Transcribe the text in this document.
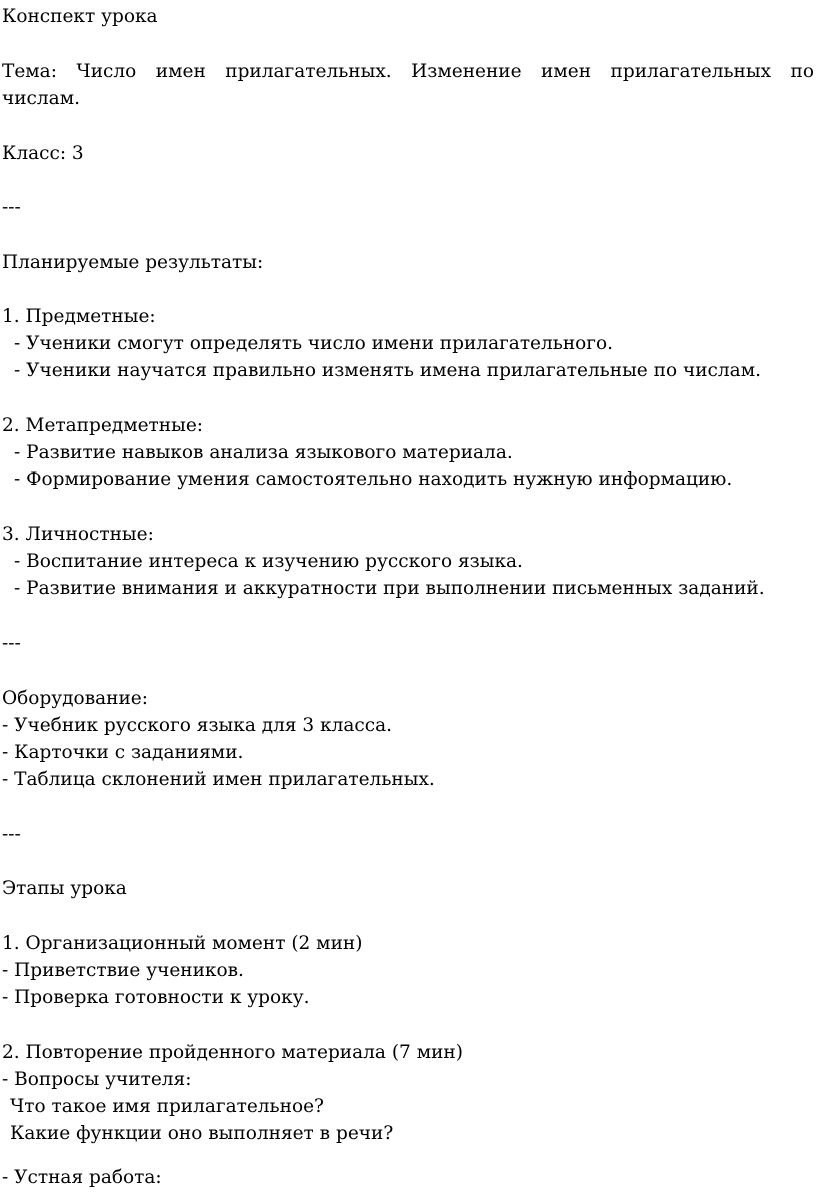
Конспект урока
Тема: Число имен прилагательных. Изменение имен прилагательных по
числам.
Класс: 3
---
Планируемые результаты:
1. Предметные:
- Ученики смогут определять число имени прилагательного.
- Ученики научатся правильно изменять имена прилагательные по числам.
2. Метапредметные:
- Развитие навыков анализа языкового материала.
- Формирование умения самостоятельно находить нужную информацию.
3. Личностные:
- Воспитание интереса к изучению русского языка.
- Развитие внимания и аккуратности при выполнении письменных заданий.
---
Оборудование:
- Учебник русского языка для 3 класса.
- Карточки с заданиями.
- Таблица склонений имен прилагательных.
---
Этапы урока
1. Организационный момент (2 мин)
- Приветствие учеников.
- Проверка готовности к уроку.
2. Повторение пройденного материала (7 мин)
- Вопросы учителя:
Что такое имя прилагательное?
Какие функции оно выполняет в речи?
- Устная работа:
